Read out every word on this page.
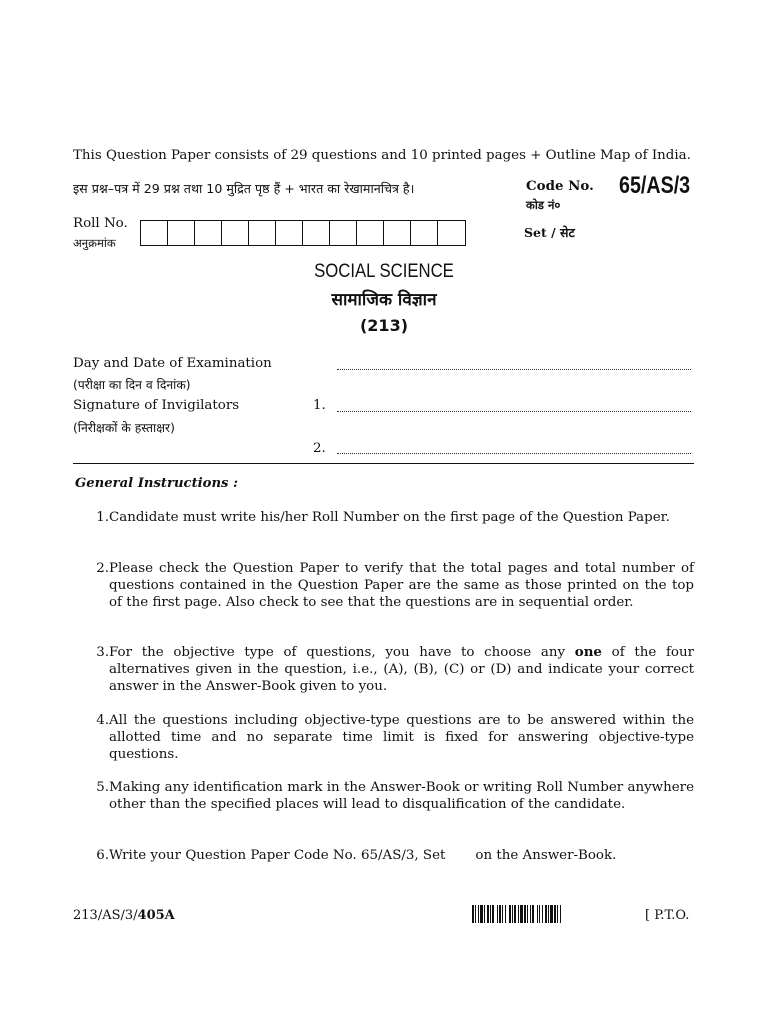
This Question Paper consists of 29 questions and 10 printed pages + Outline Map of India.
इस प्रश्न–पत्र में 29 प्रश्न तथा 10 मुद्रित पृष्ठ हैं + भारत का रेखामानचित्र है।	Code No.
कोड नं०
65/AS/3
Roll No.
अनुक्रमांक
Set / सेट
SOCIAL SCIENCE
सामाजिक विज्ञान
(213)
Day and Date of Examination
(परीक्षा का दिन व दिनांक)
Signature of Invigilators
(निरीक्षकों के हस्ताक्षर)
1.
2.
General Instructions :
1. Candidate must write his/her Roll Number on the first page of the Question Paper.
2. Please check the Question Paper to verify that the total pages and total number of questions contained in the Question Paper are the same as those printed on the top of the first page. Also check to see that the questions are in sequential order.
3. For the objective type of questions, you have to choose any one of the four alternatives given in the question, i.e., (A), (B), (C) or (D) and indicate your correct answer in the Answer-Book given to you.
4. All the questions including objective-type questions are to be answered within the allotted time and no separate time limit is fixed for answering objective-type questions.
5. Making any identification mark in the Answer-Book or writing Roll Number anywhere other than the specified places will lead to disqualification of the candidate.
6. Write your Question Paper Code No. 65/AS/3, Set on the Answer-Book.
213/AS/3/405A	[ P.T.O.
